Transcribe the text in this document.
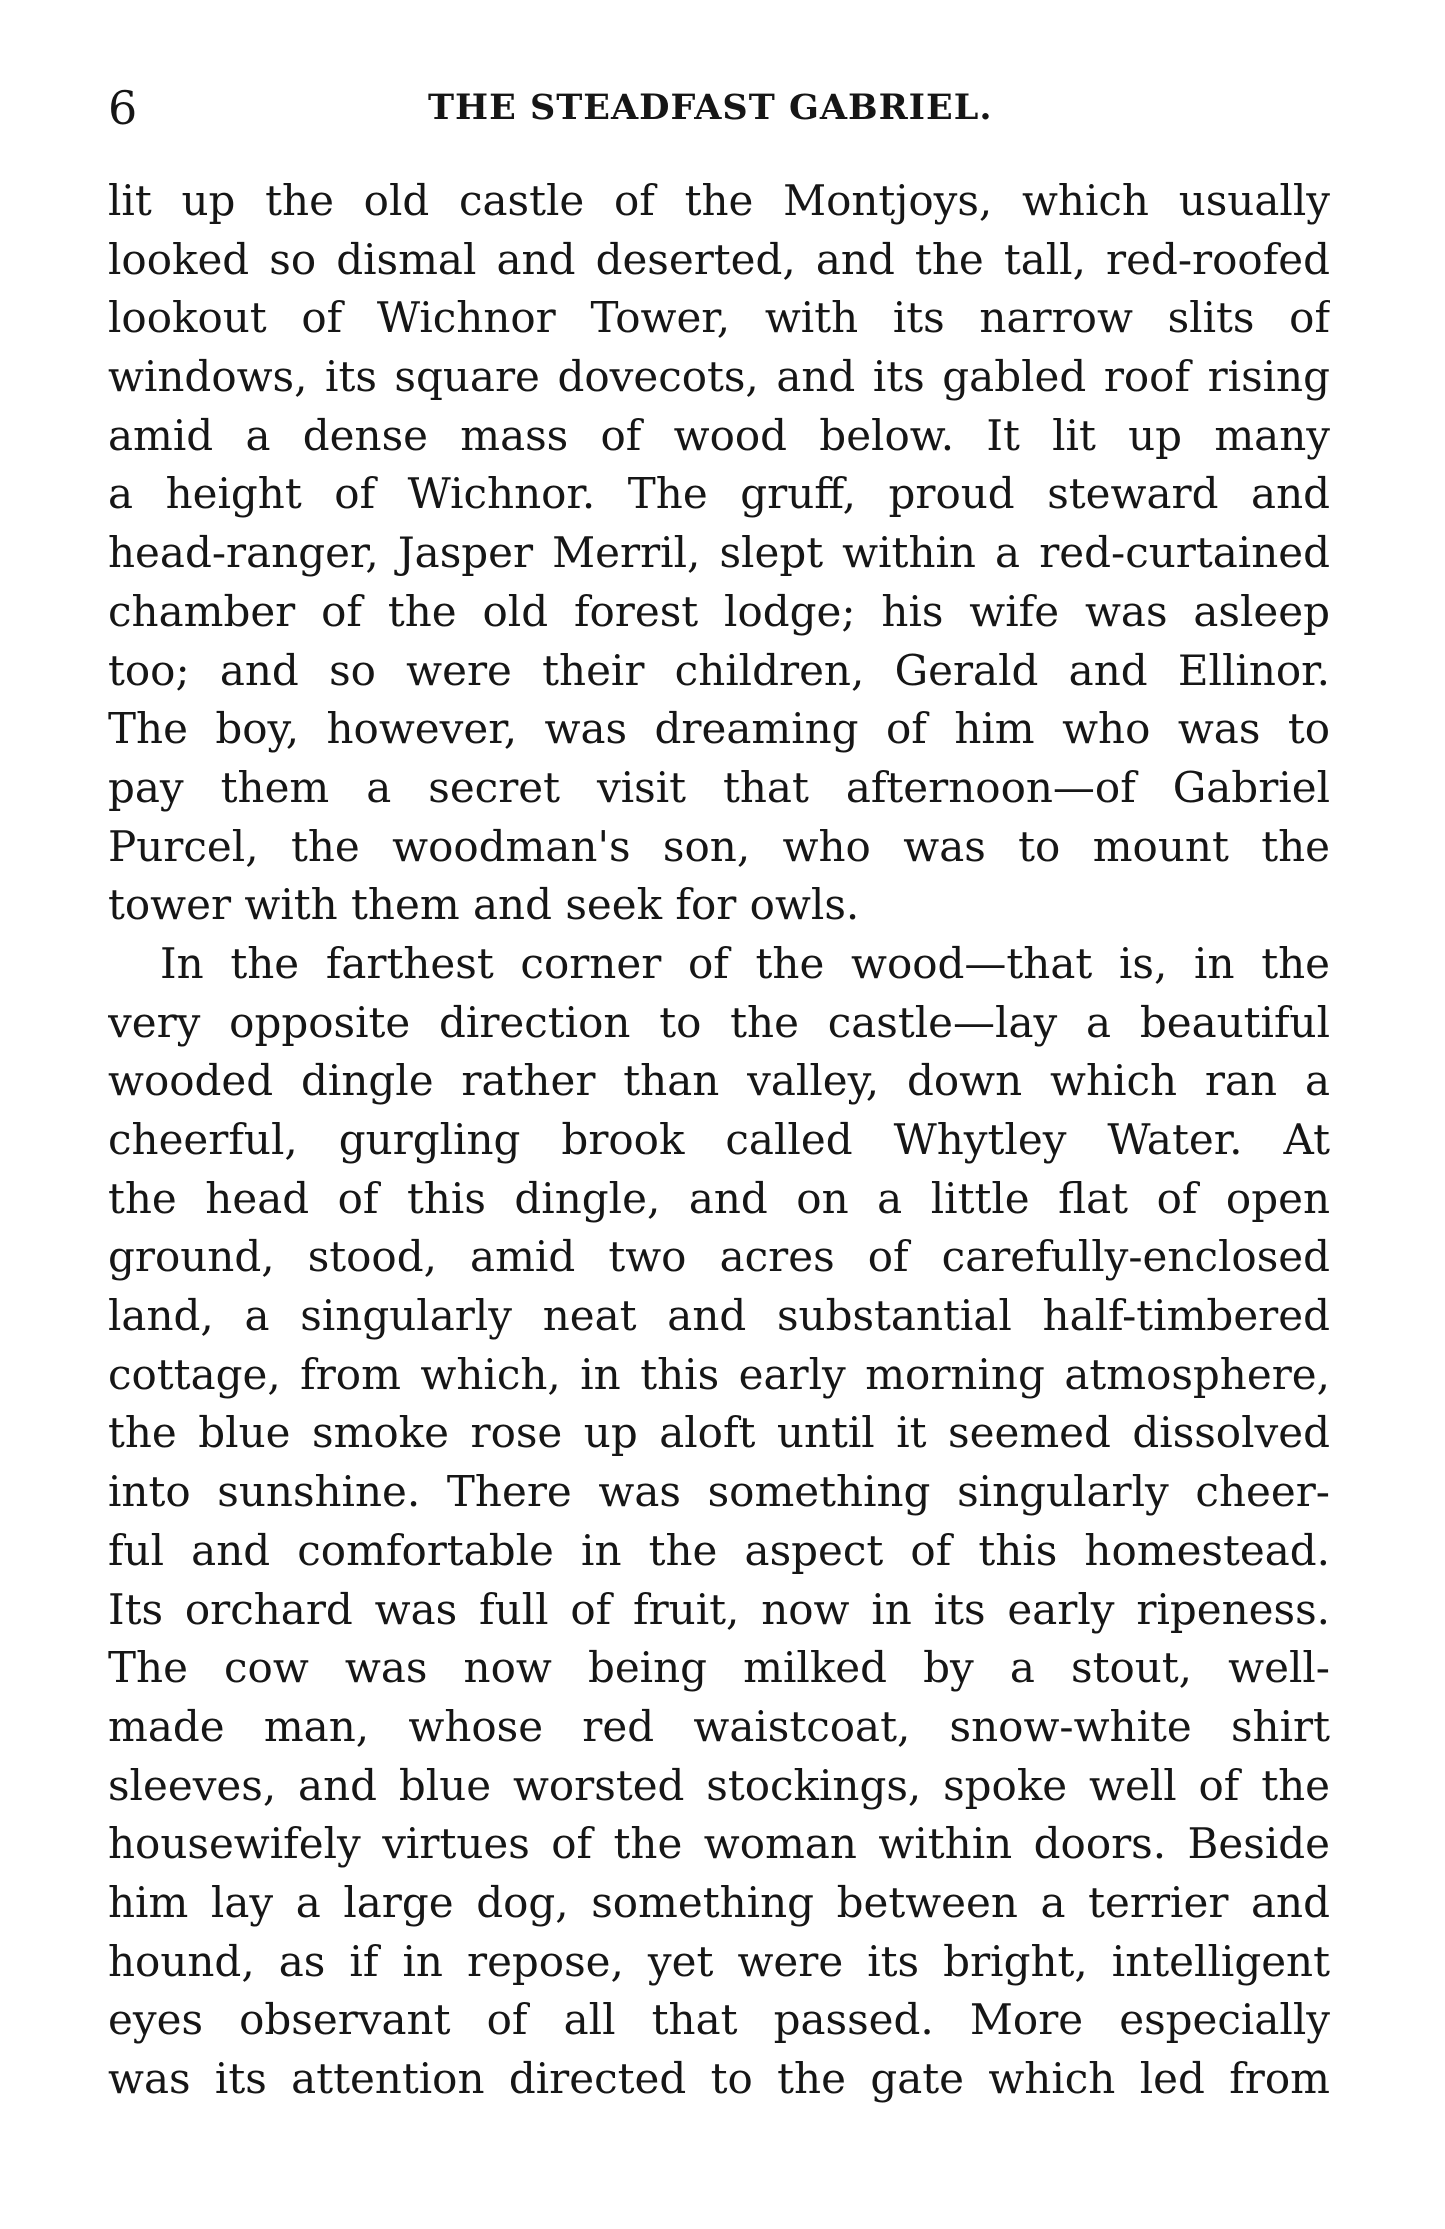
6	THE STEADFAST GABRIEL.
lit up the old castle of the Montjoys, which usually
looked so dismal and deserted, and the tall, red-roofed
lookout of Wichnor Tower, with its narrow slits of
windows, its square dovecots, and its gabled roof rising
amid a dense mass of wood below. It lit up many
a height of Wichnor. The gruff, proud steward and
head-ranger, Jasper Merril, slept within a red-curtained
chamber of the old forest lodge; his wife was asleep
too; and so were their children, Gerald and Ellinor.
The boy, however, was dreaming of him who was to
pay them a secret visit that afternoon—of Gabriel
Purcel, the woodman's son, who was to mount the
tower with them and seek for owls.
In the farthest corner of the wood—that is, in the
very opposite direction to the castle—lay a beautiful
wooded dingle rather than valley, down which ran a
cheerful, gurgling brook called Whytley Water. At
the head of this dingle, and on a little flat of open
ground, stood, amid two acres of carefully-enclosed
land, a singularly neat and substantial half-timbered
cottage, from which, in this early morning atmosphere,
the blue smoke rose up aloft until it seemed dissolved
into sunshine. There was something singularly cheer-
ful and comfortable in the aspect of this homestead.
Its orchard was full of fruit, now in its early ripeness.
The cow was now being milked by a stout, well-
made man, whose red waistcoat, snow-white shirt
sleeves, and blue worsted stockings, spoke well of the
housewifely virtues of the woman within doors. Beside
him lay a large dog, something between a terrier and
hound, as if in repose, yet were its bright, intelligent
eyes observant of all that passed. More especially
was its attention directed to the gate which led from
